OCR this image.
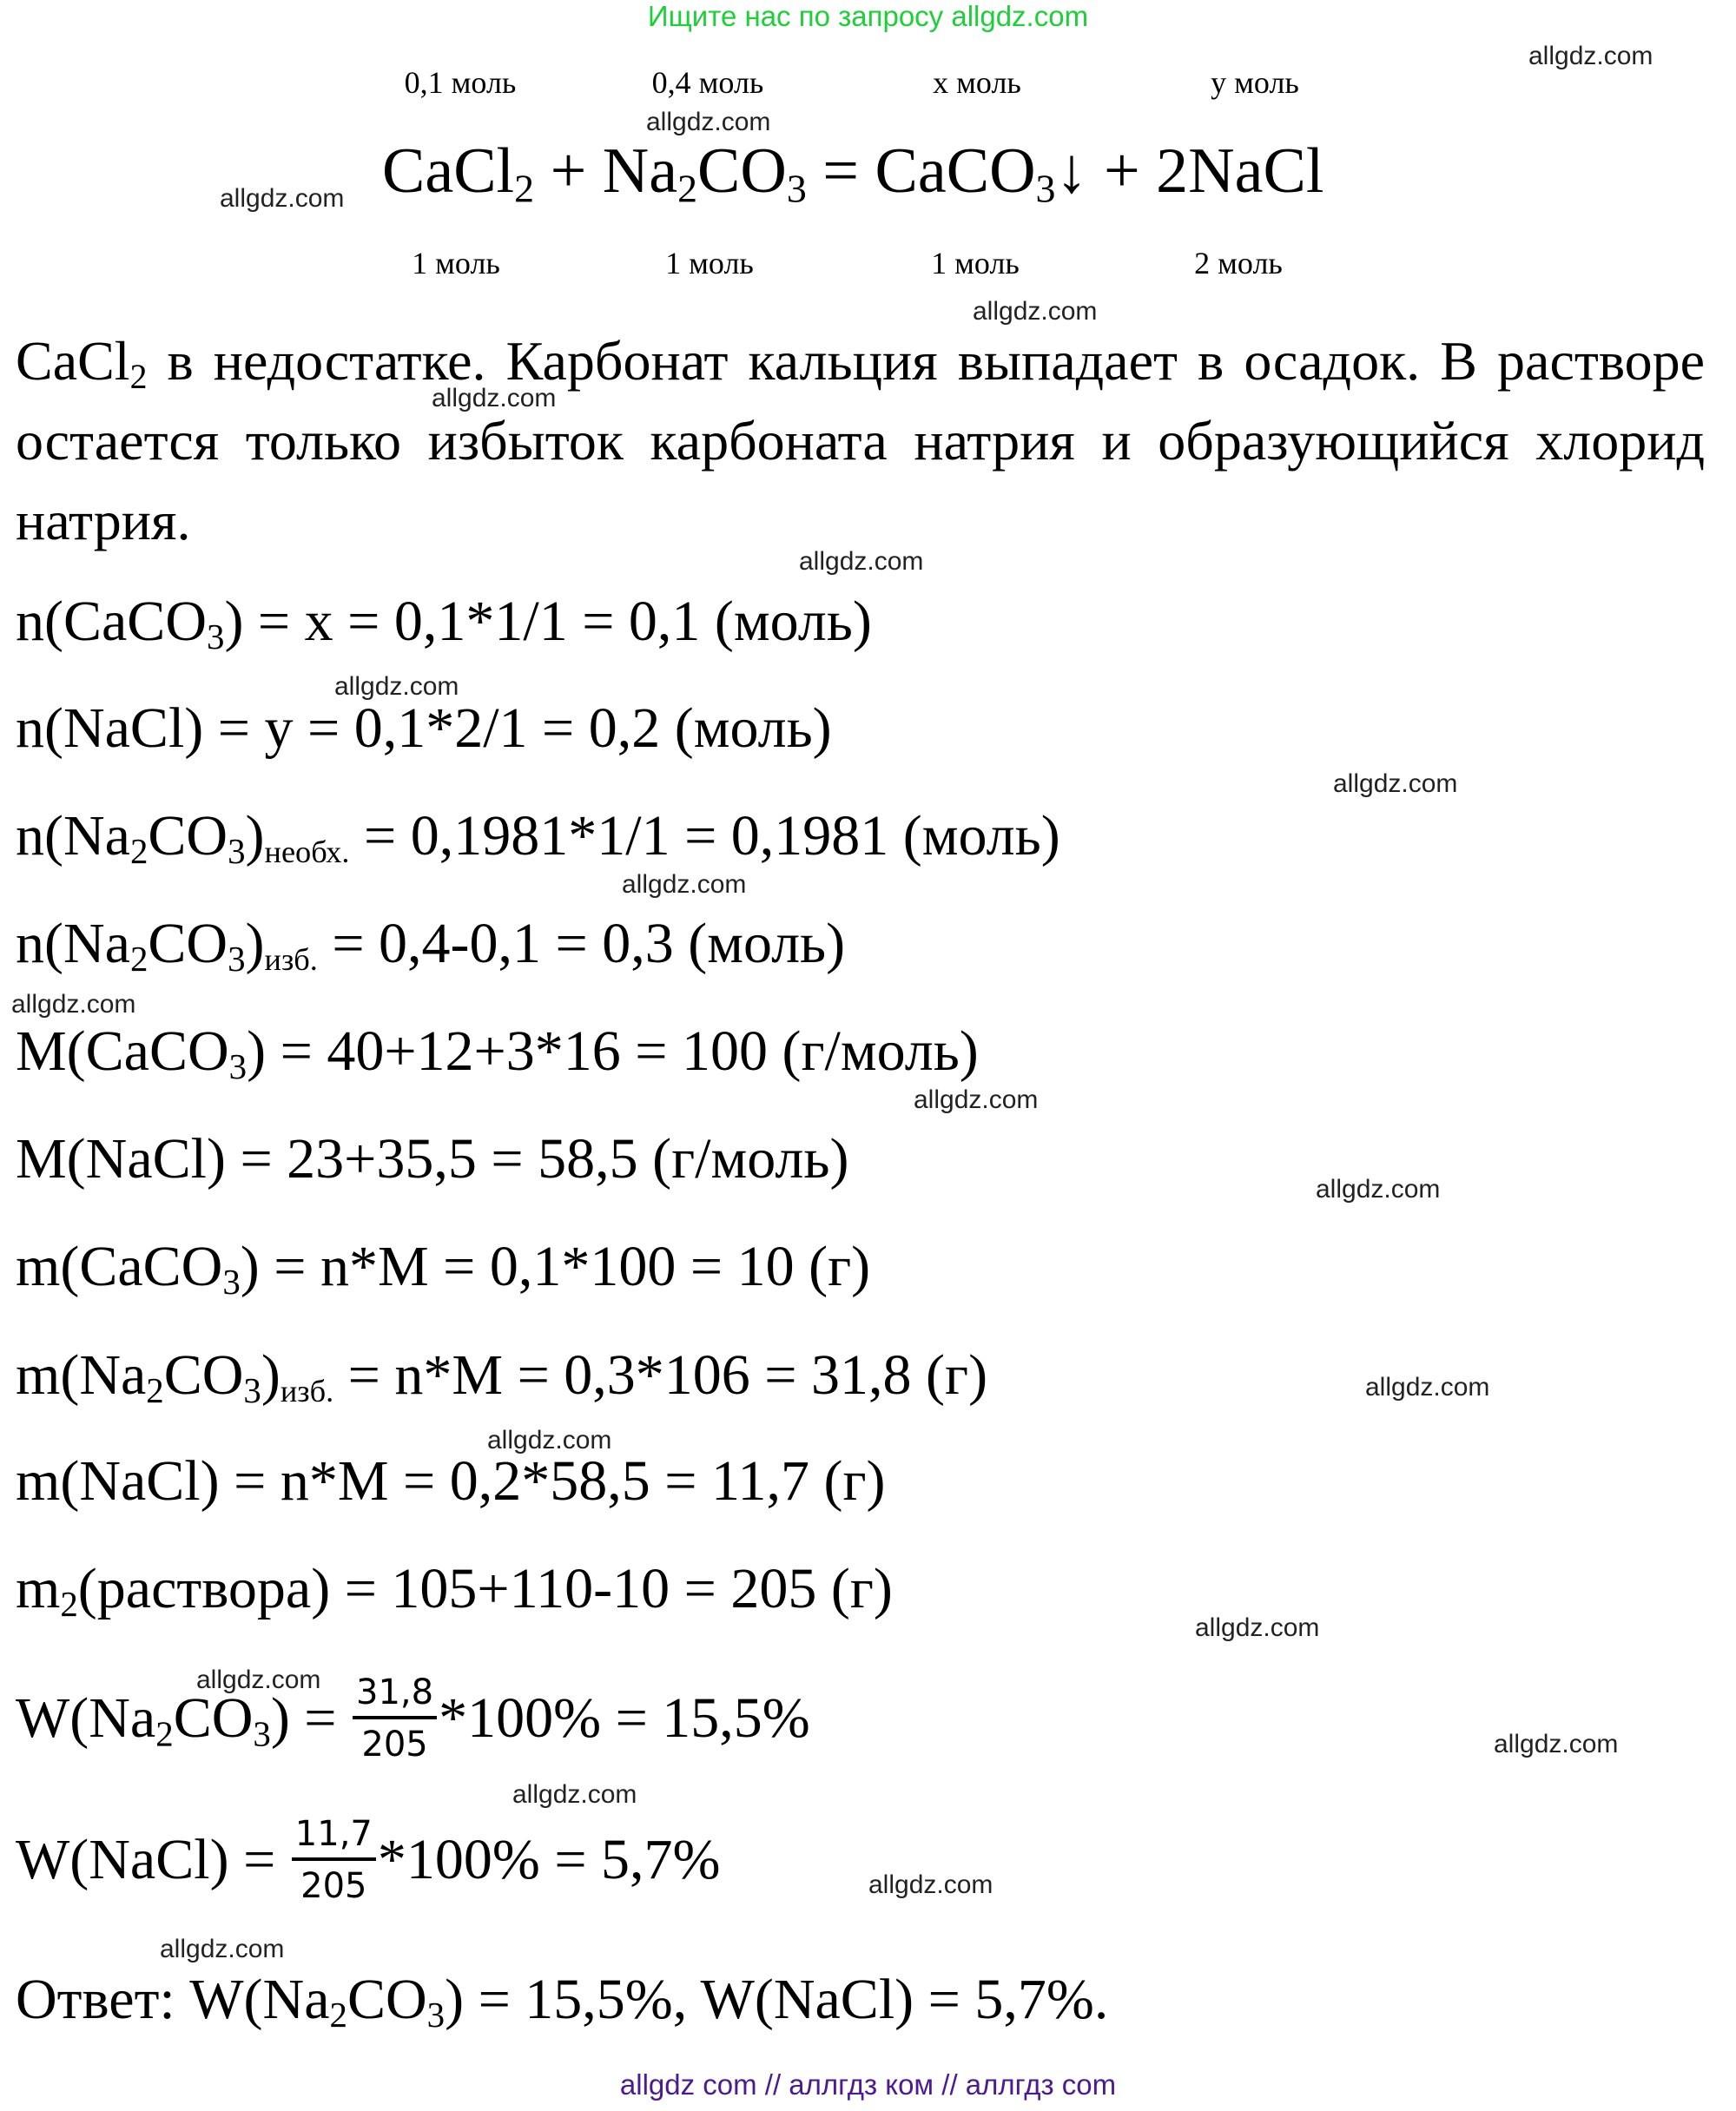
Ищите нас по запросу allgdz.com
allgdz.com
allgdz.com
allgdz.com
allgdz.com
allgdz.com
allgdz.com
allgdz.com
allgdz.com
allgdz.com
allgdz.com
allgdz.com
allgdz.com
allgdz.com
allgdz.com
allgdz.com
allgdz.com
allgdz.com
allgdz.com
allgdz.com
allgdz.com
0,1 моль	0,4 моль	x моль	y моль
CaCl$_2$ + $Na_2CO_3$ = CaCO$_3$↓ + 2NaCl
1 моль	1 моль	1 моль	2 моль
CaCl$_2$ в недостатке. Карбонат кальция выпадает в осадок. В растворе остается только избыток карбоната натрия и образующийся хлорид натрия.
n(CaCO$_3$) = x = 0,1*1/1 = 0,1 (моль)
n(NaCl) = y = 0,1*2/1 = 0,2 (моль)
$n(Na_2CO_3)_{необх.} = 0,1981*1/1 = 0,1981$ (моль)
$n(Na_2CO_3)_{изб.} = 0,4-0,1 = 0,3$ (моль)
M(CaCO$_3$) = 40+12+3*16 = 100 (г/моль)
M(NaCl) = 23+35,5 = 58,5 (г/моль)
m(CaCO$_3$) = n*M = 0,1*100 = 10 (г)
$m(Na_2CO_3)_{изб.} = n*M = 0,3*106 = 31,8$ (г)
m(NaCl) = n*M = 0,2*58,5 = 11,7 (г)
$m_2(раствора) = 105+110-10 = 205$ (г)
$W(Na_2CO_3) = \frac{31,8}{205} *100\% = 15,5\%$
W(NaCl) = $\frac{11,7}{205} *100\% = 5,7\%$
Ответ: $W(Na_2CO_3) = 15,5\%$, W(NaCl) = 5,7%.
allgdz com // аллгдз ком // аллгдз com
